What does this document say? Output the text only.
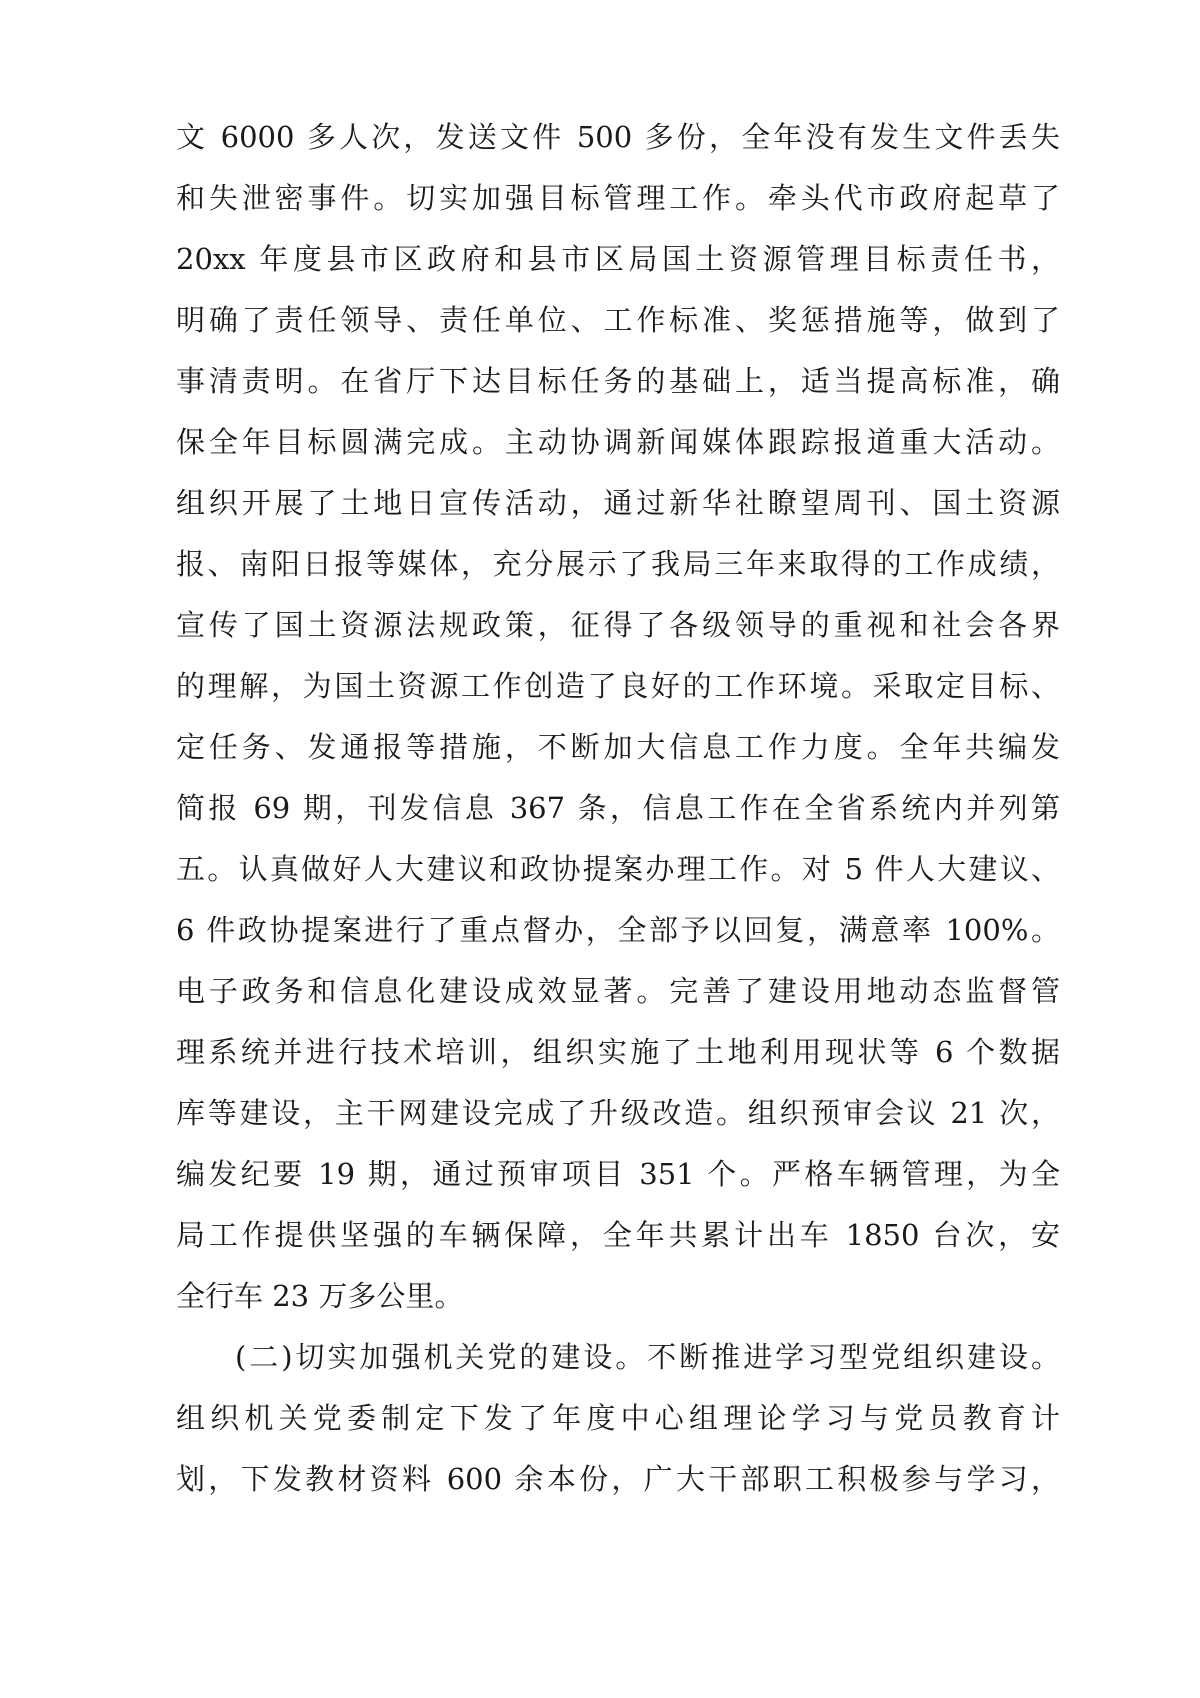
文 6000 多人次，发送文件 500 多份，全年没有发生文件丢失
和失泄密事件。切实加强目标管理工作。牵头代市政府起草了
20xx 年度县市区政府和县市区局国土资源管理目标责任书，
明确了责任领导、责任单位、工作标准、奖惩措施等，做到了
事清责明。在省厅下达目标任务的基础上，适当提高标准，确
保全年目标圆满完成。主动协调新闻媒体跟踪报道重大活动。
组织开展了土地日宣传活动，通过新华社瞭望周刊、国土资源
报、南阳日报等媒体，充分展示了我局三年来取得的工作成绩，
宣传了国土资源法规政策，征得了各级领导的重视和社会各界
的理解，为国土资源工作创造了良好的工作环境。采取定目标、
定任务、发通报等措施，不断加大信息工作力度。全年共编发
简报 69 期，刊发信息 367 条，信息工作在全省系统内并列第
五。认真做好人大建议和政协提案办理工作。对 5 件人大建议、
6 件政协提案进行了重点督办，全部予以回复，满意率 100%。
电子政务和信息化建设成效显著。完善了建设用地动态监督管
理系统并进行技术培训，组织实施了土地利用现状等 6 个数据
库等建设，主干网建设完成了升级改造。组织预审会议 21 次，
编发纪要 19 期，通过预审项目 351 个。严格车辆管理，为全
局工作提供坚强的车辆保障，全年共累计出车 1850 台次，安
全行车 23 万多公里。
(二)切实加强机关党的建设。不断推进学习型党组织建设。
组织机关党委制定下发了年度中心组理论学习与党员教育计
划，下发教材资料 600 余本份，广大干部职工积极参与学习，
